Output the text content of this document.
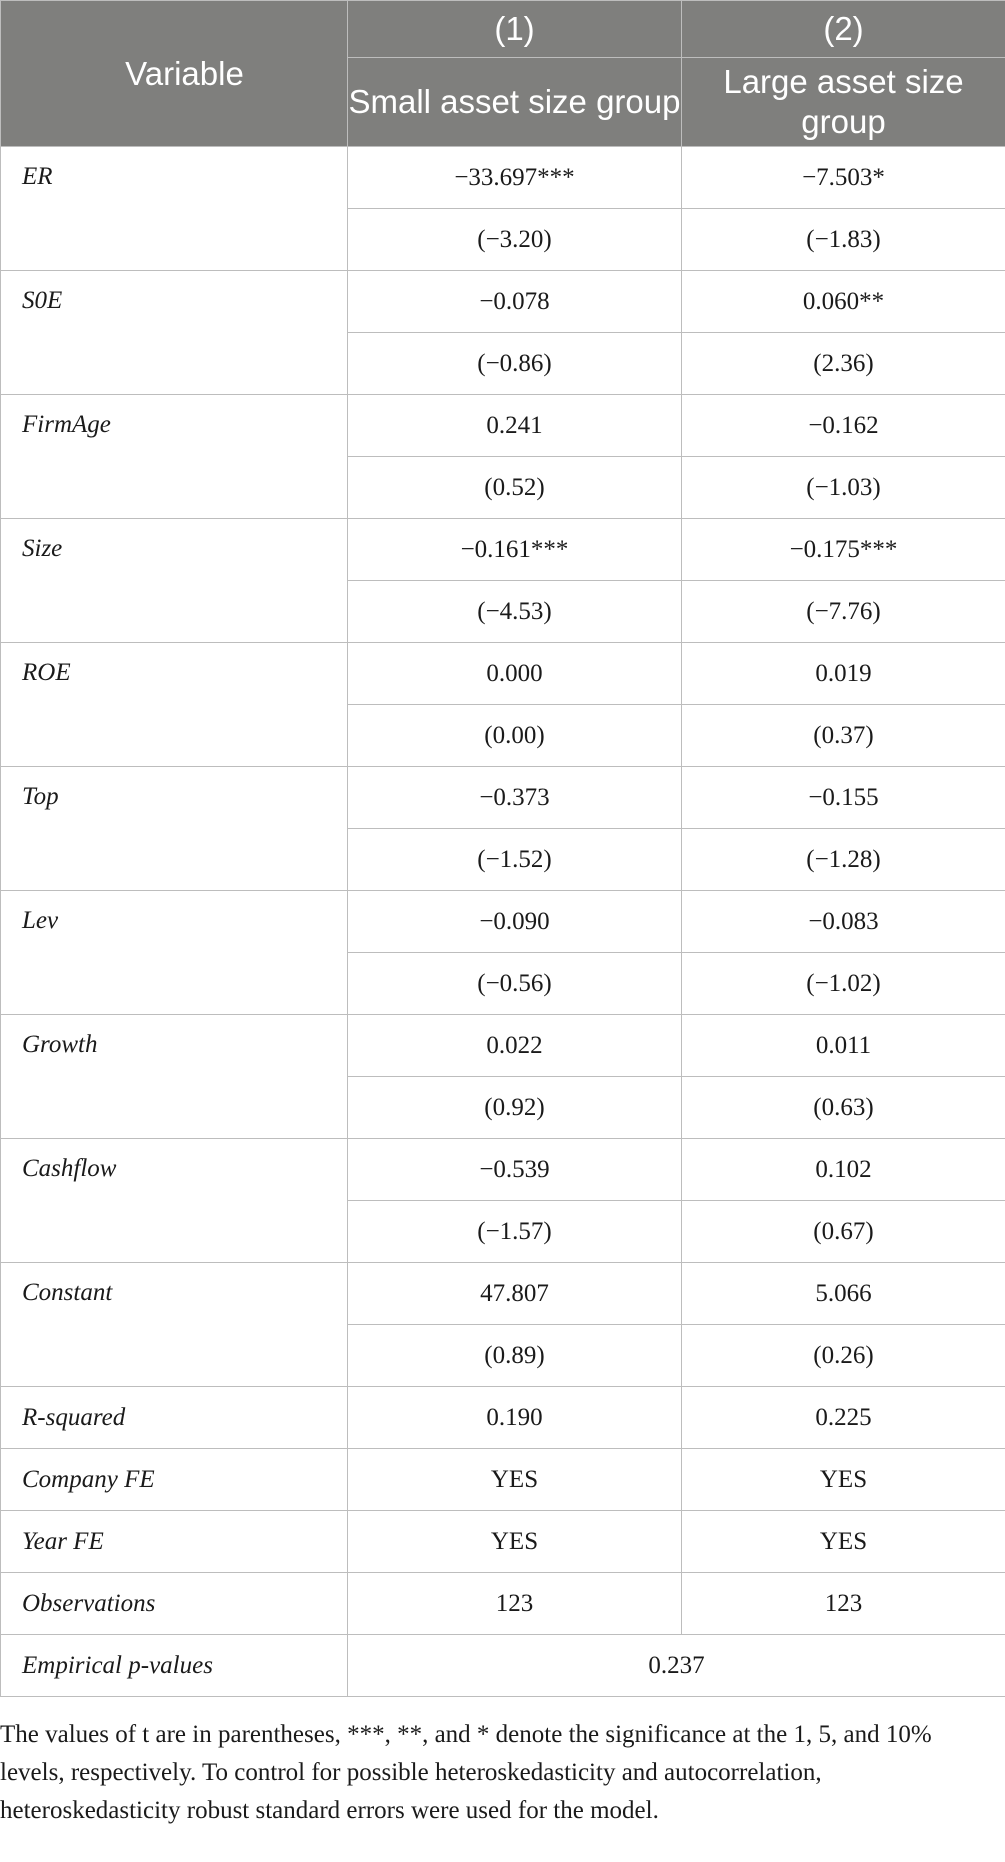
Variable	(1)	(2)
	Small asset size group	Large asset size group
ER	−33.697***	−7.503*
	(−3.20)	(−1.83)
S0E	−0.078	0.060**
	(−0.86)	(2.36)
FirmAge	0.241	−0.162
	(0.52)	(−1.03)
Size	−0.161***	−0.175***
	(−4.53)	(−7.76)
ROE	0.000	0.019
	(0.00)	(0.37)
Top	−0.373	−0.155
	(−1.52)	(−1.28)
Lev	−0.090	−0.083
	(−0.56)	(−1.02)
Growth	0.022	0.011
	(0.92)	(0.63)
Cashflow	−0.539	0.102
	(−1.57)	(0.67)
Constant	47.807	5.066
	(0.89)	(0.26)
R-squared	0.190	0.225
Company FE	YES	YES
Year FE	YES	YES
Observations	123	123
Empirical p-values	0.237	
The values of t are in parentheses, ***, **, and * denote the significance at the 1, 5, and 10% levels, respectively. To control for possible heteroskedasticity and autocorrelation, heteroskedasticity robust standard errors were used for the model.
